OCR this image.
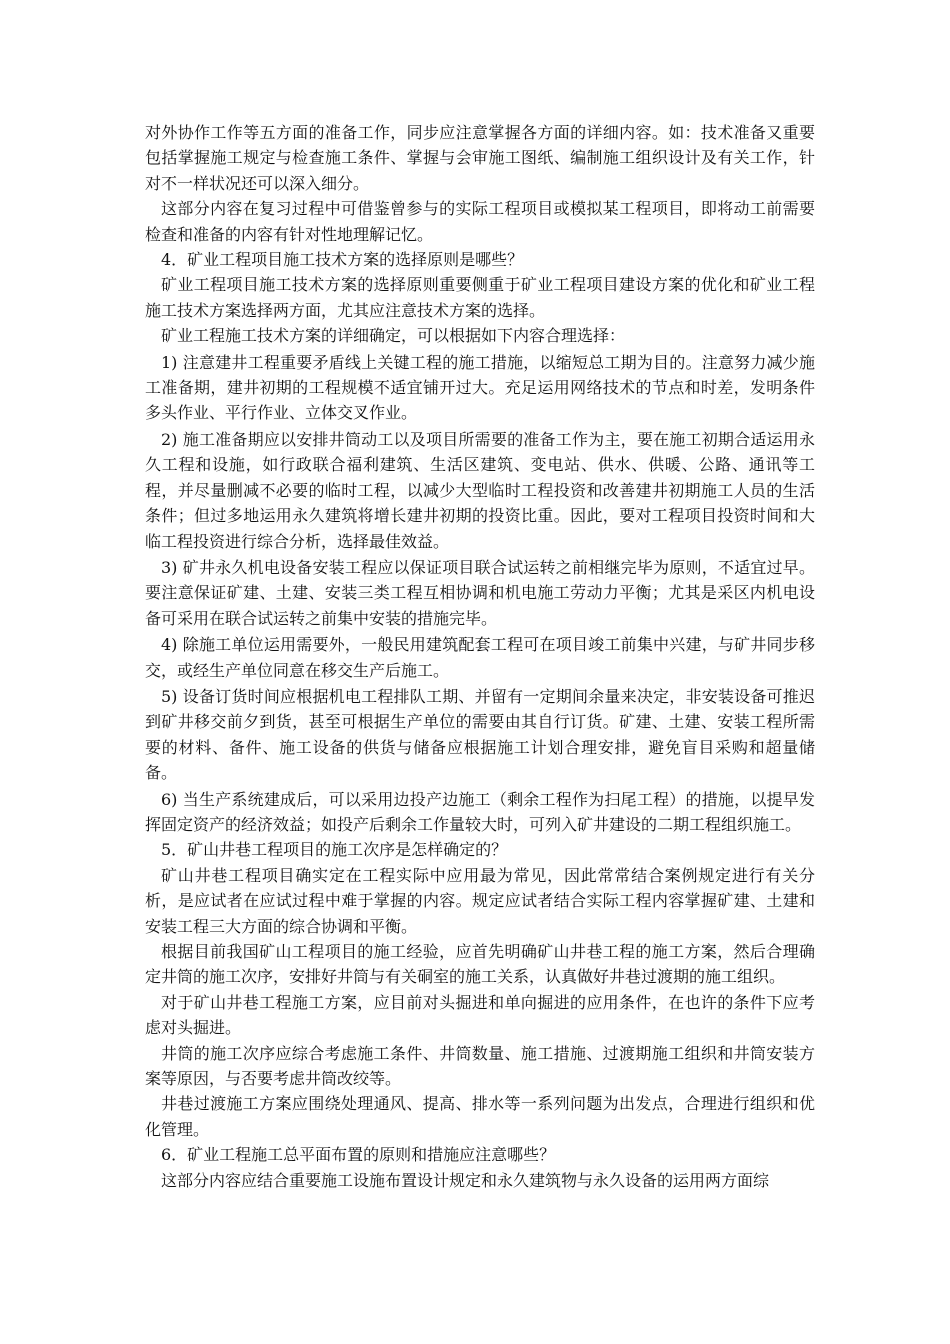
对外协作工作等五方面的准备工作，同步应注意掌握各方面的详细内容。如：技术准备又重要包括掌握施工规定与检查施工条件、掌握与会审施工图纸、编制施工组织设计及有关工作，针对不一样状况还可以深入细分。

这部分内容在复习过程中可借鉴曾参与的实际工程项目或模拟某工程项目，即将动工前需要检查和准备的内容有针对性地理解记忆。

4．矿业工程项目施工技术方案的选择原则是哪些？

矿业工程项目施工技术方案的选择原则重要侧重于矿业工程项目建设方案的优化和矿业工程施工技术方案选择两方面，尤其应注意技术方案的选择。

矿业工程施工技术方案的详细确定，可以根据如下内容合理选择：

1) 注意建井工程重要矛盾线上关键工程的施工措施，以缩短总工期为目的。注意努力减少施工准备期，建井初期的工程规模不适宜铺开过大。充足运用网络技术的节点和时差，发明条件多头作业、平行作业、立体交叉作业。

2) 施工准备期应以安排井筒动工以及项目所需要的准备工作为主，要在施工初期合适运用永久工程和设施，如行政联合福利建筑、生活区建筑、变电站、供水、供暖、公路、通讯等工程，并尽量删减不必要的临时工程，以减少大型临时工程投资和改善建井初期施工人员的生活条件；但过多地运用永久建筑将增长建井初期的投资比重。因此，要对工程项目投资时间和大临工程投资进行综合分析，选择最佳效益。

3) 矿井永久机电设备安装工程应以保证项目联合试运转之前相继完毕为原则，不适宜过早。要注意保证矿建、土建、安装三类工程互相协调和机电施工劳动力平衡；尤其是采区内机电设备可采用在联合试运转之前集中安装的措施完毕。

4) 除施工单位运用需要外，一般民用建筑配套工程可在项目竣工前集中兴建，与矿井同步移交，或经生产单位同意在移交生产后施工。

5) 设备订货时间应根据机电工程排队工期、并留有一定期间余量来决定，非安装设备可推迟到矿井移交前夕到货，甚至可根据生产单位的需要由其自行订货。矿建、土建、安装工程所需要的材料、备件、施工设备的供货与储备应根据施工计划合理安排，避免盲目采购和超量储备。

6) 当生产系统建成后，可以采用边投产边施工（剩余工程作为扫尾工程）的措施，以提早发挥固定资产的经济效益；如投产后剩余工作量较大时，可列入矿井建设的二期工程组织施工。

5．矿山井巷工程项目的施工次序是怎样确定的？

矿山井巷工程项目确实定在工程实际中应用最为常见，因此常常结合案例规定进行有关分析，是应试者在应试过程中难于掌握的内容。规定应试者结合实际工程内容掌握矿建、土建和安装工程三大方面的综合协调和平衡。

根据目前我国矿山工程项目的施工经验，应首先明确矿山井巷工程的施工方案，然后合理确定井筒的施工次序，安排好井筒与有关硐室的施工关系，认真做好井巷过渡期的施工组织。

对于矿山井巷工程施工方案，应目前对头掘进和单向掘进的应用条件，在也许的条件下应考虑对头掘进。

井筒的施工次序应综合考虑施工条件、井筒数量、施工措施、过渡期施工组织和井筒安装方案等原因，与否要考虑井筒改绞等。

井巷过渡施工方案应围绕处理通风、提高、排水等一系列问题为出发点，合理进行组织和优化管理。

6．矿业工程施工总平面布置的原则和措施应注意哪些？

这部分内容应结合重要施工设施布置设计规定和永久建筑物与永久设备的运用两方面综
